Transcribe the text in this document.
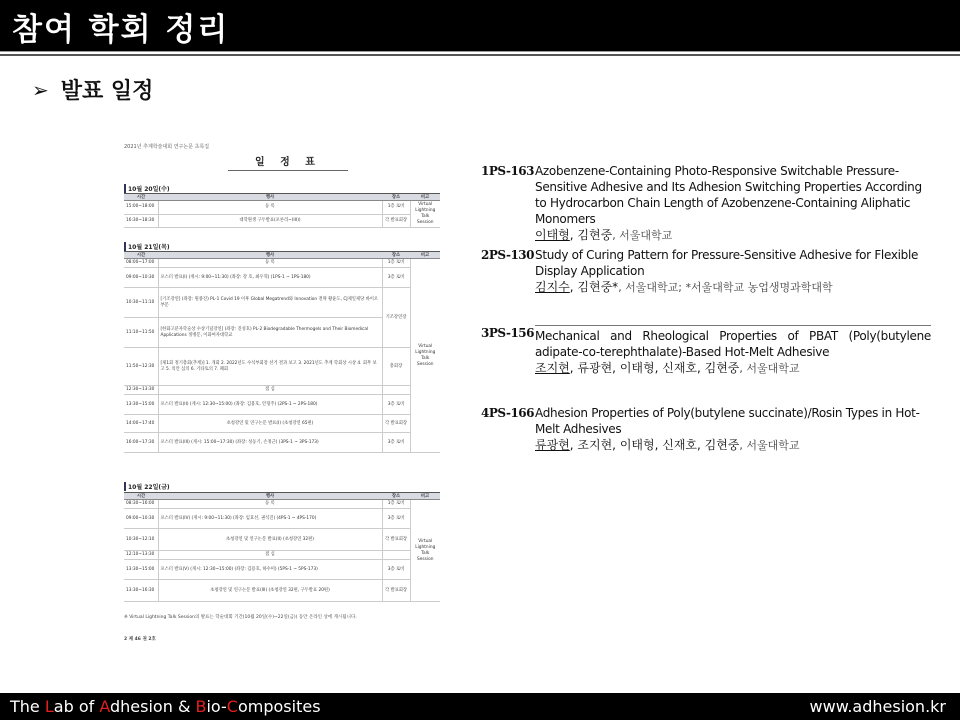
참여 학회 정리
➢ 발표 일정
2021년 추계학술대회 연구논문 초록집
일 정 표
10월 20일(수)
시간	행사	장소	비고
15:00~18:00	등 록	1층 로비	Virtual Lightning Talk Session
16:30~18:30	대학원생 구두발표(포론리~(III))	각 발표회장	
10월 21일(목)
시간	행사	장소	비고
08:00~17:00	등 록	1층 로비	Virtual Lightning Talk Session
09:00~10:30	포스터 발표(I) (게시: 9:00~11:30) (좌장: 강 호, 최우혁) (1PS-1 ~ 1PS-180)	3층 로비	
10:30~11:10	[기조강연] (좌장: 원종진) PL-1 Covid 19 이후 Global Megatrend와 Innovation 전략 황윤도, CJ제일제당 바이오부문	기조강연장	
11:10~11:50	[한화고분자학술상 수상기념강연] (좌장: 진성호) PL-2 Biodegradable Thermogels and Their Biomedical Applications 정병문, 이화여자대학교		
11:50~12:30	[제1회 정기총회(추계)] 1. 개회 2. 2022년도 수석부회장 선거 결과 보고 3. 2021년도 추계 학회상 시상 4. 회무 보고 5. 의안 심의 6. 기타토의 7. 폐회	총회장	
12:30~13:30	점 심		
13:30~15:00	포스터 발표(II) (게시: 12:30~15:00) (좌장: 김용호, 안형주) (2PS-1 ~ 2PS-180)	3층 로비	
14:00~17:40	초청강연 및 연구논문 발표(I) (초청강연 65편)	각 발표회장	
16:00~17:30	포스터 발표(III) (게시: 15:00~17:30) (좌장: 성동기, 손정근) (3PS-1 ~ 3PS-173)	3층 로비	
10월 22일(금)
시간	행사	장소	비고
08:30~16:00	등 록	1층 로비	Virtual Lightning Talk Session
09:00~10:30	포스터 발표(IV) (게시: 9:00~11:30) (좌장: 임효선, 권석진) (4PS-1 ~ 4PS-170)	3층 로비	
10:30~12:10	초청강연 및 연구논문 발표(II) (초청강연 32편)	각 발표회장	
12:10~13:30	점 심		
13:30~15:00	포스터 발표(V) (게시: 12:30~15:00) (좌장: 김용호, 하수미) (5PS-1 ~ 5PS-173)	3층 로비	
13:30~16:30	초청강연 및 연구논문 발표(III) (초청강연 32편, 구두발표 20편)	각 발표회장	
※ Virtual Lightning Talk Session의 발표는 학술대회 기간(10월 20일(수)~22일(금)) 동안 온라인 상에 게시됩니다.
2 제 46 권 2호
1PS-163 Azobenzene-Containing Photo-Responsive Switchable Pressure-Sensitive Adhesive and Its Adhesion Switching Properties According to Hydrocarbon Chain Length of Azobenzene-Containing Aliphatic Monomers
이태형, 김현중, 서울대학교
2PS-130 Study of Curing Pattern for Pressure-Sensitive Adhesive for Flexible Display Application
김지수, 김현중*, 서울대학교; *서울대학교 농업생명과학대학
3PS-156 Mechanical and Rheological Properties of PBAT (Poly(butylene adipate-co-terephthalate)-Based Hot-Melt Adhesive
조지현, 류광현, 이태형, 신재호, 김현중, 서울대학교
4PS-166 Adhesion Properties of Poly(butylene succinate)/Rosin Types in Hot-Melt Adhesives
류광현, 조지현, 이태형, 신재호, 김현중, 서울대학교
The Lab of Adhesion & Bio-Composites	www.adhesion.kr
